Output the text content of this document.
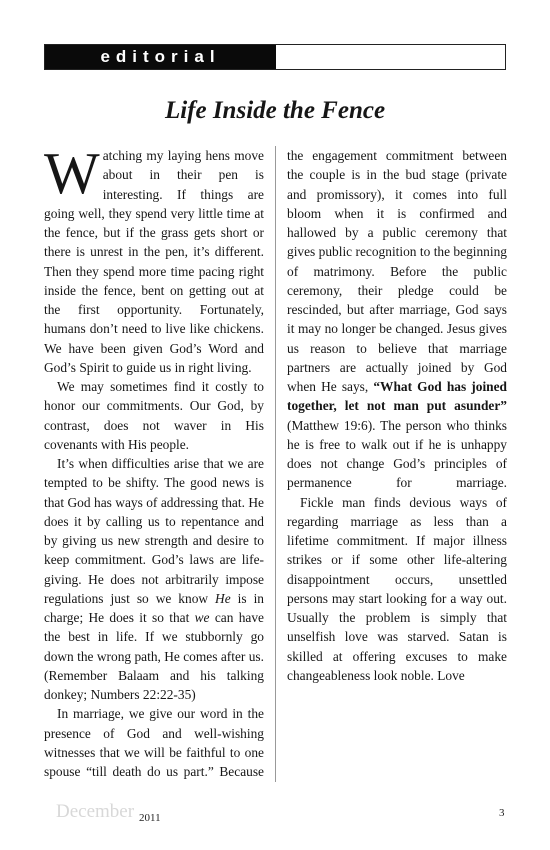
editorial
Life Inside the Fence

Watching my laying hens move about in their pen is interesting. If things are going well, they spend very little time at the fence, but if the grass gets short or there is unrest in the pen, it’s different. Then they spend more time pacing right inside the fence, bent on getting out at the first opportunity. Fortunately, humans don’t need to live like chickens. We have been given God’s Word and God’s Spirit to guide us in right living.

We may sometimes find it costly to honor our commitments. Our God, by contrast, does not waver in His covenants with His people.

It’s when difficulties arise that we are tempted to be shifty. The good news is that God has ways of addressing that. He does it by calling us to repentance and by giving us new strength and desire to keep commitment. God’s laws are life-giving. He does not arbitrarily impose regulations just so we know He is in charge; He does it so that we can have the best in life. If we stubbornly go down the wrong path, He comes after us. (Remember Balaam and his talking donkey; Numbers 22:22-35)

In marriage, we give our word in the presence of God and well-wishing witnesses that we will be faithful to one spouse “till death do us part.” Because

the engagement commitment between the couple is in the bud stage (private and promissory), it comes into full bloom when it is confirmed and hallowed by a public ceremony that gives public recognition to the beginning of matrimony. Before the public ceremony, their pledge could be rescinded, but after marriage, God says it may no longer be changed. Jesus gives us reason to believe that marriage partners are actually joined by God when He says, “What God has joined together, let not man put asunder” (Matthew 19:6). The person who thinks he is free to walk out if he is unhappy does not change God’s principles of permanence for marriage.

Fickle man finds devious ways of regarding marriage as less than a lifetime commitment. If major illness strikes or if some other life-altering disappointment occurs, unsettled persons may start looking for a way out. Usually the problem is simply that unselfish love was starved. Satan is skilled at offering excuses to make changeableness look noble. Love

December 2011	3
